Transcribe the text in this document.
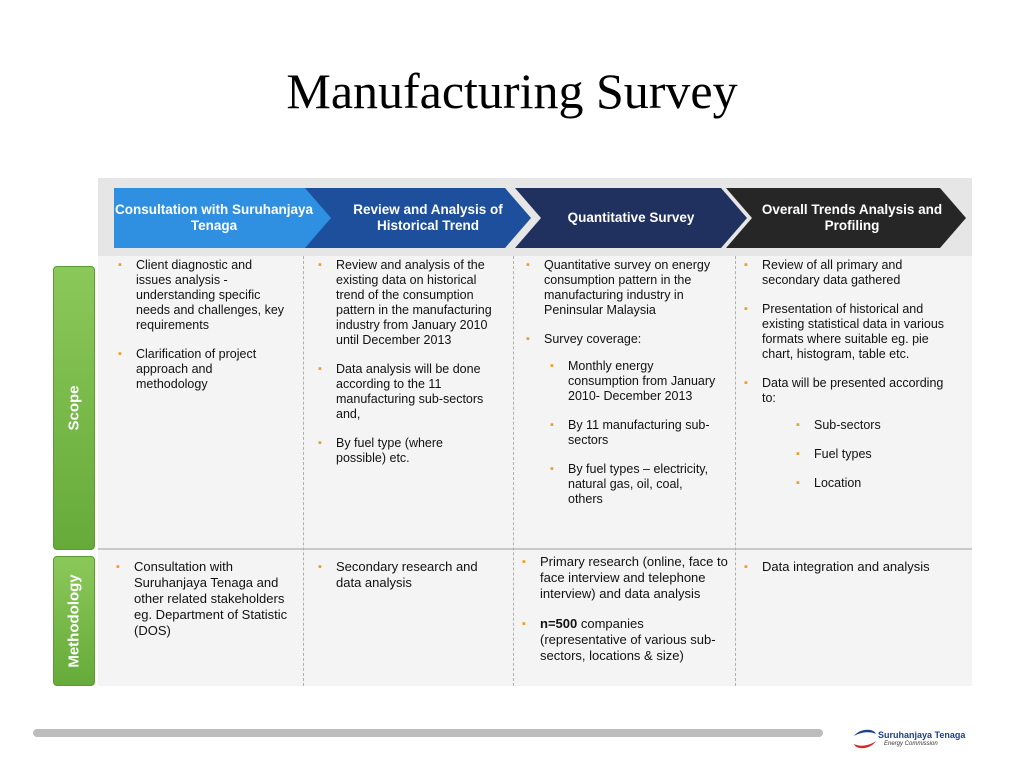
Manufacturing Survey
Consultation with Suruhanjaya Tenaga
Review and Analysis of Historical Trend
Quantitative Survey
Overall Trends Analysis and Profiling
Scope
Methodology
▪ Client diagnostic and issues analysis - understanding specific needs and challenges, key requirements
▪ Clarification of project approach and methodology
▪ Review and analysis of the existing data on historical trend of the consumption pattern in the manufacturing industry from January 2010 until December 2013
▪ Data analysis will be done according to the 11 manufacturing sub-sectors and,
▪ By fuel type (where possible) etc.
▪ Quantitative survey on energy consumption pattern in the manufacturing industry in Peninsular Malaysia
▪ Survey coverage:
▪ Monthly energy consumption from January 2010- December 2013
▪ By 11 manufacturing sub-sectors
▪ By fuel types – electricity, natural gas, oil, coal, others
▪ Review of all primary and secondary data gathered
▪ Presentation of historical and existing statistical data in various formats where suitable eg. pie chart, histogram, table etc.
▪ Data will be presented according to:
▪ Sub-sectors
▪ Fuel types
▪ Location
▪ Consultation with Suruhanjaya Tenaga and other related stakeholders eg. Department of Statistic (DOS)
▪ Secondary research and data analysis
▪ Primary research (online, face to face interview and telephone interview) and data analysis
▪ n=500 companies (representative of various sub-sectors, locations & size)
▪ Data integration and analysis
Suruhanjaya Tenaga
Energy Commission
